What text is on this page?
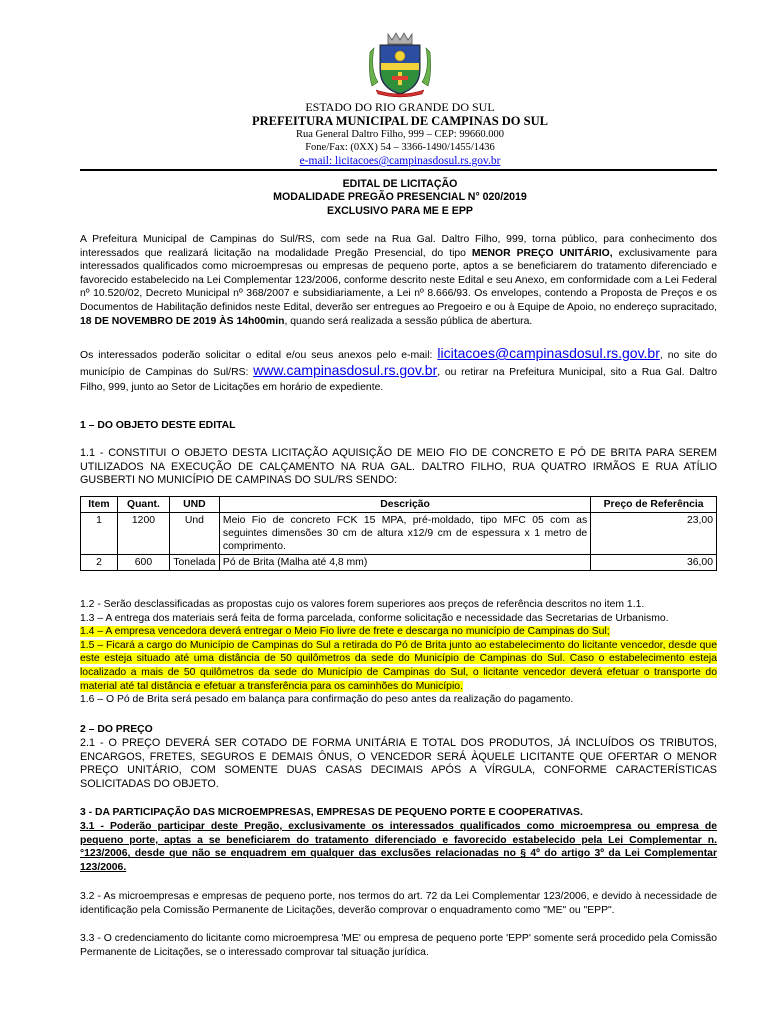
ESTADO DO RIO GRANDE DO SUL
PREFEITURA MUNICIPAL DE CAMPINAS DO SUL
Rua General Daltro Filho, 999 – CEP: 99660.000
Fone/Fax: (0XX) 54 – 3366-1490/1455/1436
e-mail: licitacoes@campinasdosul.rs.gov.br
EDITAL DE LICITAÇÃO
MODALIDADE PREGÃO PRESENCIAL N° 020/2019
EXCLUSIVO PARA ME E EPP

A Prefeitura Municipal de Campinas do Sul/RS, com sede na Rua Gal. Daltro Filho, 999, torna público, para conhecimento dos interessados que realizará licitação na modalidade Pregão Presencial, do tipo MENOR PREÇO UNITÁRIO, exclusivamente para interessados qualificados como microempresas ou empresas de pequeno porte, aptos a se beneficiarem do tratamento diferenciado e favorecido estabelecido na Lei Complementar 123/2006, conforme descrito neste Edital e seu Anexo, em conformidade com a Lei Federal nº 10.520/02, Decreto Municipal nº 368/2007 e subsidiariamente, a Lei nº 8.666/93. Os envelopes, contendo a Proposta de Preços e os Documentos de Habilitação definidos neste Edital, deverão ser entregues ao Pregoeiro e ou à Equipe de Apoio, no endereço supracitado, 18 DE NOVEMBRO DE 2019 ÀS 14h00min, quando será realizada a sessão pública de abertura.

Os interessados poderão solicitar o edital e/ou seus anexos pelo e-mail: licitacoes@campinasdosul.rs.gov.br, no site do município de Campinas do Sul/RS: www.campinasdosul.rs.gov.br, ou retirar na Prefeitura Municipal, sito a Rua Gal. Daltro Filho, 999, junto ao Setor de Licitações em horário de expediente.

1 – DO OBJETO DESTE EDITAL
1.1 - CONSTITUI O OBJETO DESTA LICITAÇÃO AQUISIÇÃO DE MEIO FIO DE CONCRETO E PÓ DE BRITA PARA SEREM UTILIZADOS NA EXECUÇÃO DE CALÇAMENTO NA RUA GAL. DALTRO FILHO, RUA QUATRO IRMÃOS E RUA ATÍLIO GUSBERTI NO MUNICÍPIO DE CAMPINAS DO SUL/RS SENDO:
Item	Quant.	UND	Descrição	Preço de Referência
1	1200	Und	Meio Fio de concreto FCK 15 MPA, pré-moldado, tipo MFC 05 com as seguintes dimensões 30 cm de altura x12/9 cm de espessura x 1 metro de comprimento.	23,00
2	600	Tonelada	Pó de Brita (Malha até 4,8 mm)	36,00

1.2 - Serão desclassificadas as propostas cujo os valores forem superiores aos preços de referência descritos no item 1.1.

1.3 – A entrega dos materiais será feita de forma parcelada, conforme solicitação e necessidade das Secretarias de Urbanismo.

1.4 – A empresa vencedora deverá entregar o Meio Fio livre de frete e descarga no município de Campinas do Sul;

1.5 – Ficará a cargo do Município de Campinas do Sul a retirada do Pó de Brita junto ao estabelecimento do licitante vencedor, desde que este esteja situado até uma distância de 50 quilômetros da sede do Município de Campinas do Sul. Caso o estabelecimento esteja localizado a mais de 50 quilômetros da sede do Município de Campinas do Sul, o licitante vencedor deverá efetuar o transporte do material até tal distância e efetuar a transferência para os caminhões do Município.

1.6 – O Pó de Brita será pesado em balança para confirmação do peso antes da realização do pagamento.

2 – DO PREÇO
2.1 - O PREÇO DEVERÁ SER COTADO DE FORMA UNITÁRIA E TOTAL DOS PRODUTOS, JÁ INCLUÍDOS OS TRIBUTOS, ENCARGOS, FRETES, SEGUROS E DEMAIS ÔNUS, O VENCEDOR SERÁ ÀQUELE LICITANTE QUE OFERTAR O MENOR PREÇO UNITÁRIO, COM SOMENTE DUAS CASAS DECIMAIS APÓS A VÍRGULA, CONFORME CARACTERÍSTICAS SOLICITADAS DO OBJETO.
3 - DA PARTICIPAÇÃO DAS MICROEMPRESAS, EMPRESAS DE PEQUENO PORTE E COOPERATIVAS.
3.1 - Poderão participar deste Pregão, exclusivamente os interessados qualificados como microempresa ou empresa de pequeno porte, aptas a se beneficiarem do tratamento diferenciado e favorecido estabelecido pela Lei Complementar n.°123/2006, desde que não se enquadrem em qualquer das exclusões relacionadas no § 4º do artigo 3º da Lei Complementar 123/2006.
3.2 - As microempresas e empresas de pequeno porte, nos termos do art. 72 da Lei Complementar 123/2006, e devido à necessidade de identificação pela Comissão Permanente de Licitações, deverão comprovar o enquadramento como "ME" ou "EPP".
3.3 - O credenciamento do licitante como microempresa 'ME' ou empresa de pequeno porte 'EPP' somente será procedido pela Comissão Permanente de Licitações, se o interessado comprovar tal situação jurídica.
